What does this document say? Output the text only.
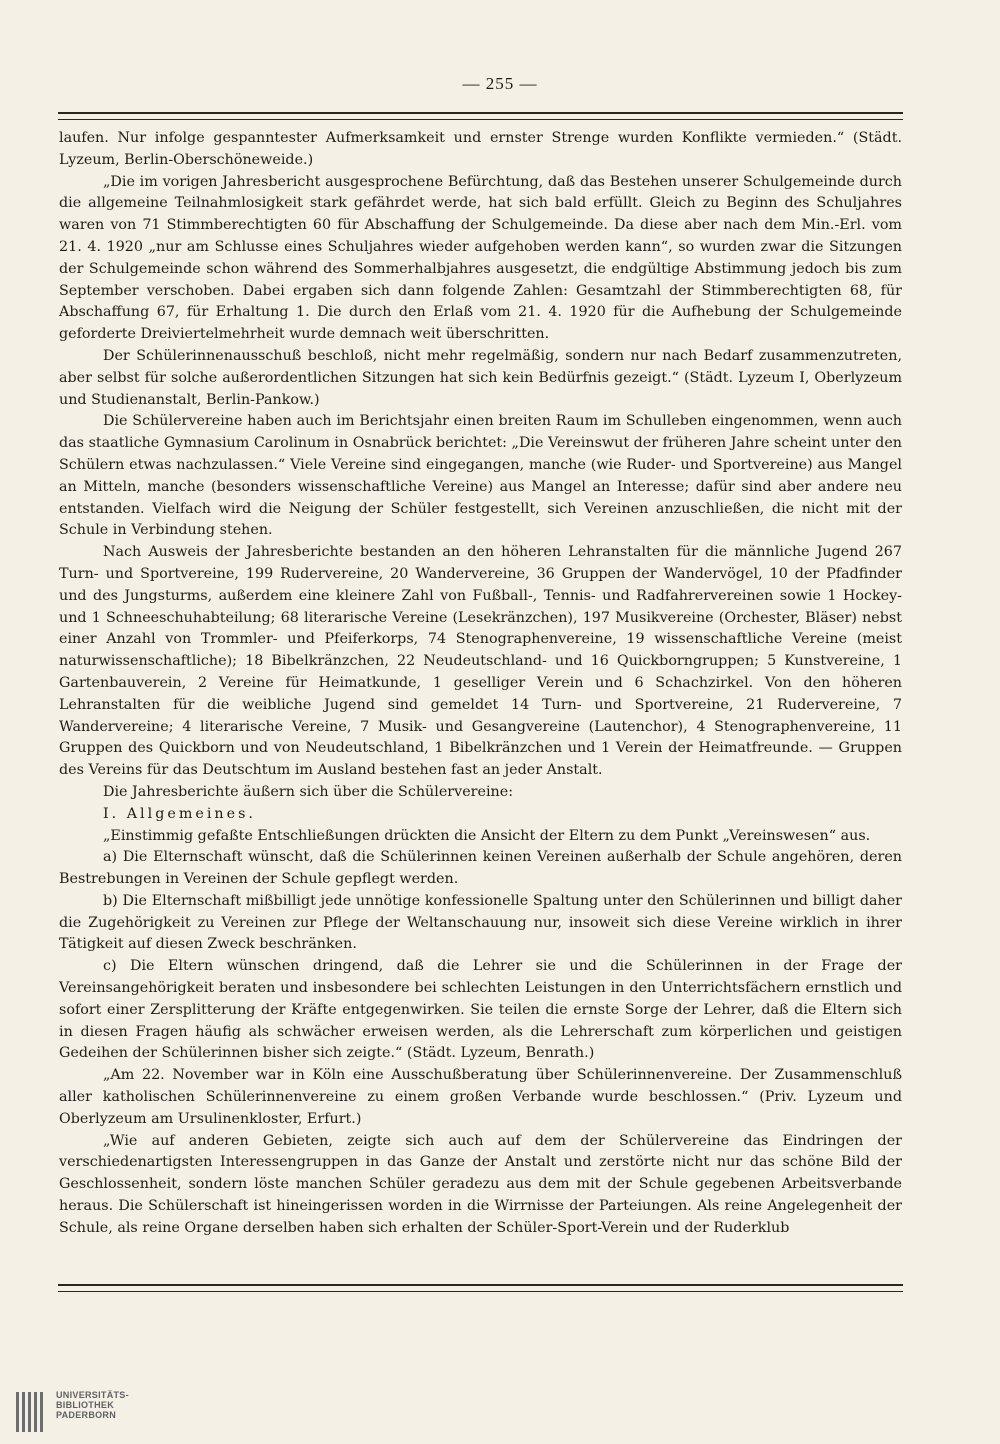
— 255 —

laufen. Nur infolge gespanntester Aufmerksamkeit und ernster Strenge wurden Konflikte vermieden.“ (Städt. Lyzeum, Berlin-Oberschöneweide.)

„Die im vorigen Jahresbericht ausgesprochene Befürchtung, daß das Bestehen unserer Schulgemeinde durch die allgemeine Teilnahmlosigkeit stark gefährdet werde, hat sich bald erfüllt. Gleich zu Beginn des Schuljahres waren von 71 Stimmberechtigten 60 für Abschaffung der Schulgemeinde. Da diese aber nach dem Min.-Erl. vom 21. 4. 1920 „nur am Schlusse eines Schuljahres wieder aufgehoben werden kann“, so wurden zwar die Sitzungen der Schulgemeinde schon während des Sommerhalbjahres ausgesetzt, die endgültige Abstimmung jedoch bis zum September verschoben. Dabei ergaben sich dann folgende Zahlen: Gesamtzahl der Stimmberechtigten 68, für Abschaffung 67, für Erhaltung 1. Die durch den Erlaß vom 21. 4. 1920 für die Aufhebung der Schulgemeinde geforderte Dreiviertelmehrheit wurde demnach weit überschritten.

Der Schülerinnenausschuß beschloß, nicht mehr regelmäßig, sondern nur nach Bedarf zusammenzutreten, aber selbst für solche außerordentlichen Sitzungen hat sich kein Bedürfnis gezeigt.“ (Städt. Lyzeum I, Oberlyzeum und Studienanstalt, Berlin-Pankow.)

Die Schülervereine haben auch im Berichtsjahr einen breiten Raum im Schulleben eingenommen, wenn auch das staatliche Gymnasium Carolinum in Osnabrück berichtet: „Die Vereinswut der früheren Jahre scheint unter den Schülern etwas nachzulassen.“ Viele Vereine sind eingegangen, manche (wie Ruder- und Sportvereine) aus Mangel an Mitteln, manche (besonders wissenschaftliche Vereine) aus Mangel an Interesse; dafür sind aber andere neu entstanden. Vielfach wird die Neigung der Schüler festgestellt, sich Vereinen anzuschließen, die nicht mit der Schule in Verbindung stehen.

Nach Ausweis der Jahresberichte bestanden an den höheren Lehranstalten für die männliche Jugend 267 Turn- und Sportvereine, 199 Rudervereine, 20 Wandervereine, 36 Gruppen der Wandervögel, 10 der Pfadfinder und des Jungsturms, außerdem eine kleinere Zahl von Fußball-, Tennis- und Radfahrervereinen sowie 1 Hockey- und 1 Schneeschuhabteilung; 68 literarische Vereine (Lesekränzchen), 197 Musikvereine (Orchester, Bläser) nebst einer Anzahl von Trommler- und Pfeiferkorps, 74 Stenographenvereine, 19 wissenschaftliche Vereine (meist naturwissenschaftliche); 18 Bibelkränzchen, 22 Neudeutschland- und 16 Quickborngruppen; 5 Kunstvereine, 1 Gartenbauverein, 2 Vereine für Heimatkunde, 1 geselliger Verein und 6 Schachzirkel. Von den höheren Lehranstalten für die weibliche Jugend sind gemeldet 14 Turn- und Sportvereine, 21 Rudervereine, 7 Wandervereine; 4 literarische Vereine, 7 Musik- und Gesangvereine (Lautenchor), 4 Stenographenvereine, 11 Gruppen des Quickborn und von Neudeutschland, 1 Bibelkränzchen und 1 Verein der Heimatfreunde. — Gruppen des Vereins für das Deutschtum im Ausland bestehen fast an jeder Anstalt.

Die Jahresberichte äußern sich über die Schülervereine:

I. Allgemeines.

„Einstimmig gefaßte Entschließungen drückten die Ansicht der Eltern zu dem Punkt „Vereinswesen“ aus.

a) Die Elternschaft wünscht, daß die Schülerinnen keinen Vereinen außerhalb der Schule angehören, deren Bestrebungen in Vereinen der Schule gepflegt werden.

b) Die Elternschaft mißbilligt jede unnötige konfessionelle Spaltung unter den Schülerinnen und billigt daher die Zugehörigkeit zu Vereinen zur Pflege der Weltanschauung nur, insoweit sich diese Vereine wirklich in ihrer Tätigkeit auf diesen Zweck beschränken.

c) Die Eltern wünschen dringend, daß die Lehrer sie und die Schülerinnen in der Frage der Vereinsangehörigkeit beraten und insbesondere bei schlechten Leistungen in den Unterrichtsfächern ernstlich und sofort einer Zersplitterung der Kräfte entgegenwirken. Sie teilen die ernste Sorge der Lehrer, daß die Eltern sich in diesen Fragen häufig als schwächer erweisen werden, als die Lehrerschaft zum körperlichen und geistigen Gedeihen der Schülerinnen bisher sich zeigte.“ (Städt. Lyzeum, Benrath.)

„Am 22. November war in Köln eine Ausschußberatung über Schülerinnenvereine. Der Zusammenschluß aller katholischen Schülerinnenvereine zu einem großen Verbande wurde beschlossen.“ (Priv. Lyzeum und Oberlyzeum am Ursulinenkloster, Erfurt.)

„Wie auf anderen Gebieten, zeigte sich auch auf dem der Schülervereine das Eindringen der verschiedenartigsten Interessengruppen in das Ganze der Anstalt und zerstörte nicht nur das schöne Bild der Geschlossenheit, sondern löste manchen Schüler geradezu aus dem mit der Schule gegebenen Arbeitsverbande heraus. Die Schülerschaft ist hineingerissen worden in die Wirrnisse der Parteiungen. Als reine Angelegenheit der Schule, als reine Organe derselben haben sich erhalten der Schüler-Sport-Verein und der Ruderklub

UNIVERSITÄTS-
BIBLIOTHEK
PADERBORN
